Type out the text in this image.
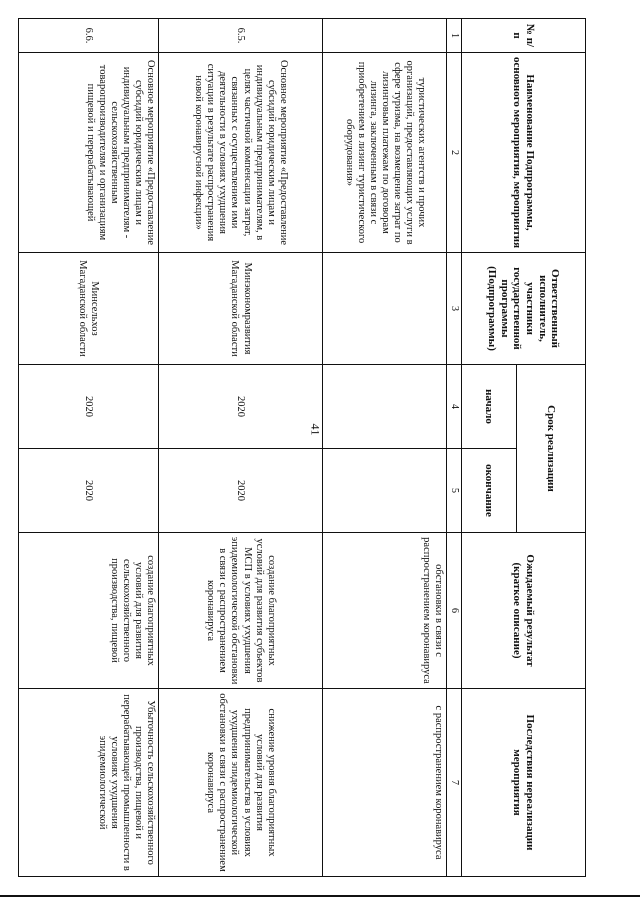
41
№ п/п	Наименование Подпрограммы, основного мероприятия, мероприятия	Ответственный исполнитель, участники государственной программы (Подпрограммы)	Срок реализации		Ожидаемый результат (краткое описание)	Последствия нереализации мероприятия
			начало	окончание		
1	2	3	4	5	6	7
	туристических агентств и прочих организаций, предоставляющих услуги в сфере туризма, на возмещение затрат по лизинговым платежам по договорам лизинга, заключенным в связи с приобретением в лизинг туристического оборудования»				обстановки в связи с распространением коронавируса	с распространением коронавируса
6.5.	Основное мероприятие «Предоставление субсидий юридическим лицам и индивидуальным предпринимателям, в целях частичной компенсации затрат, связанных с осуществлением ими деятельности в условиях ухудшения ситуации в результате распространения новой коронавирусной инфекции»	Минэкономразвития Магаданской области	2020	2020	создание благоприятных условий для развития субъектов МСП в условиях ухудшения эпидемиологической обстановки в связи с распространением коронавируса	снижение уровня благоприятных условий для развития предпринимательства в условиях ухудшения эпидемиологической обстановки в связи с распространением коронавируса
6.6.	Основное мероприятие «Предоставление субсидий юридическим лицам и индивидуальным предпринимателям - сельскохозяйственным товаропроизводителям и организациям пищевой и перерабатывающей	Минсельхоз Магаданской области	2020	2020	создание благоприятных условий для развития сельскохозяйственного производства, пищевой	Убыточность сельскохозяйственного производства, пищевой и перерабатывающей промышленности в условиях ухудшения эпидемиологической
